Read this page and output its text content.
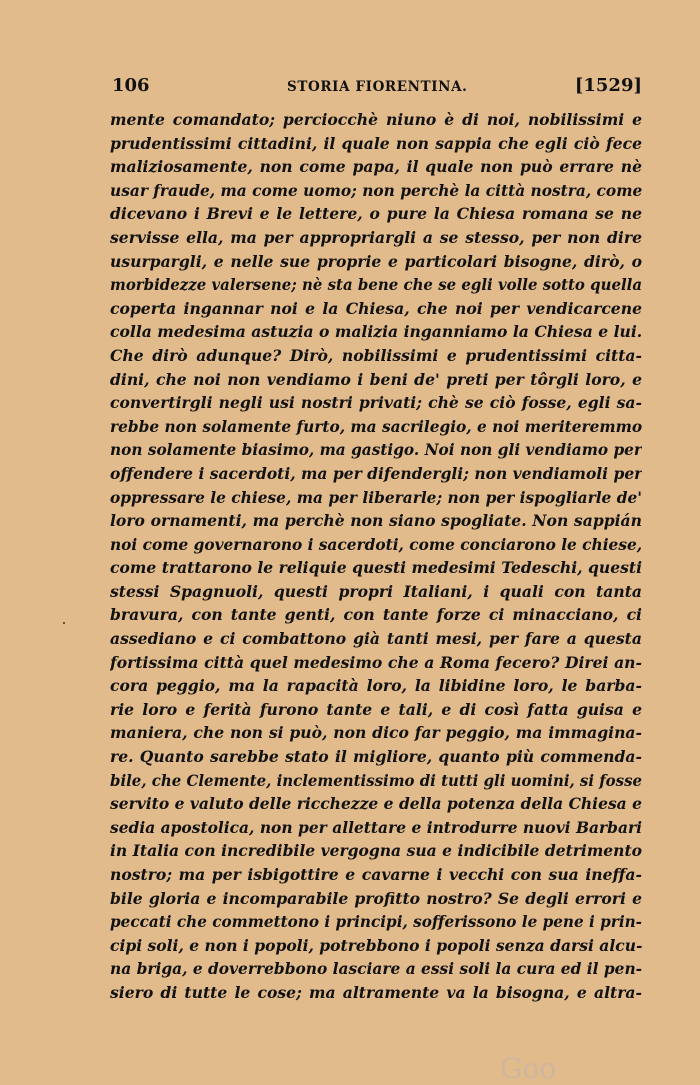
106	STORIA FIORENTINA.	[1529]
mente comandato; perciocchè niuno è di noi, nobilissimi e
prudentissimi cittadini, il quale non sappia che egli ciò fece
maliziosamente, non come papa, il quale non può errare nè
usar fraude, ma come uomo; non perchè la città nostra, come
dicevano i Brevi e le lettere, o pure la Chiesa romana se ne
servisse ella, ma per appropriargli a se stesso, per non dire
usurpargli, e nelle sue proprie e particolari bisogne, dirò, o
morbidezze valersene; nè sta bene che se egli volle sotto quella
coperta ingannar noi e la Chiesa, che noi per vendicarcene
colla medesima astuzia o malizia inganniamo la Chiesa e lui.
Che dirò adunque? Dirò, nobilissimi e prudentissimi citta-
dini, che noi non vendiamo i beni de' preti per tôrgli loro, e
convertirgli negli usi nostri privati; chè se ciò fosse, egli sa-
rebbe non solamente furto, ma sacrilegio, e noi meriteremmo
non solamente biasimo, ma gastigo. Noi non gli vendiamo per
offendere i sacerdoti, ma per difendergli; non vendiamoli per
oppressare le chiese, ma per liberarle; non per ispogliarle de'
loro ornamenti, ma perchè non siano spogliate. Non sappián
noi come governarono i sacerdoti, come conciarono le chiese,
come trattarono le reliquie questi medesimi Tedeschi, questi
stessi Spagnuoli, questi propri Italiani, i quali con tanta
bravura, con tante genti, con tante forze ci minacciano, ci
assediano e ci combattono già tanti mesi, per fare a questa
fortissima città quel medesimo che a Roma fecero? Direi an-
cora peggio, ma la rapacità loro, la libidine loro, le barba-
rie loro e ferità furono tante e tali, e di così fatta guisa e
maniera, che non si può, non dico far peggio, ma immagina-
re. Quanto sarebbe stato il migliore, quanto più commenda-
bile, che Clemente, inclementissimo di tutti gli uomini, si fosse
servito e valuto delle ricchezze e della potenza della Chiesa e
sedia apostolica, non per allettare e introdurre nuovi Barbari
in Italia con incredibile vergogna sua e indicibile detrimento
nostro; ma per isbigottire e cavarne i vecchi con sua ineffa-
bile gloria e incomparabile profitto nostro? Se degli errori e
peccati che commettono i principi, sofferissono le pene i prin-
cipi soli, e non i popoli, potrebbono i popoli senza darsi alcu-
na briga, e doverrebbono lasciare a essi soli la cura ed il pen-
siero di tutte le cose; ma altramente va la bisogna, e altra-
Goo
